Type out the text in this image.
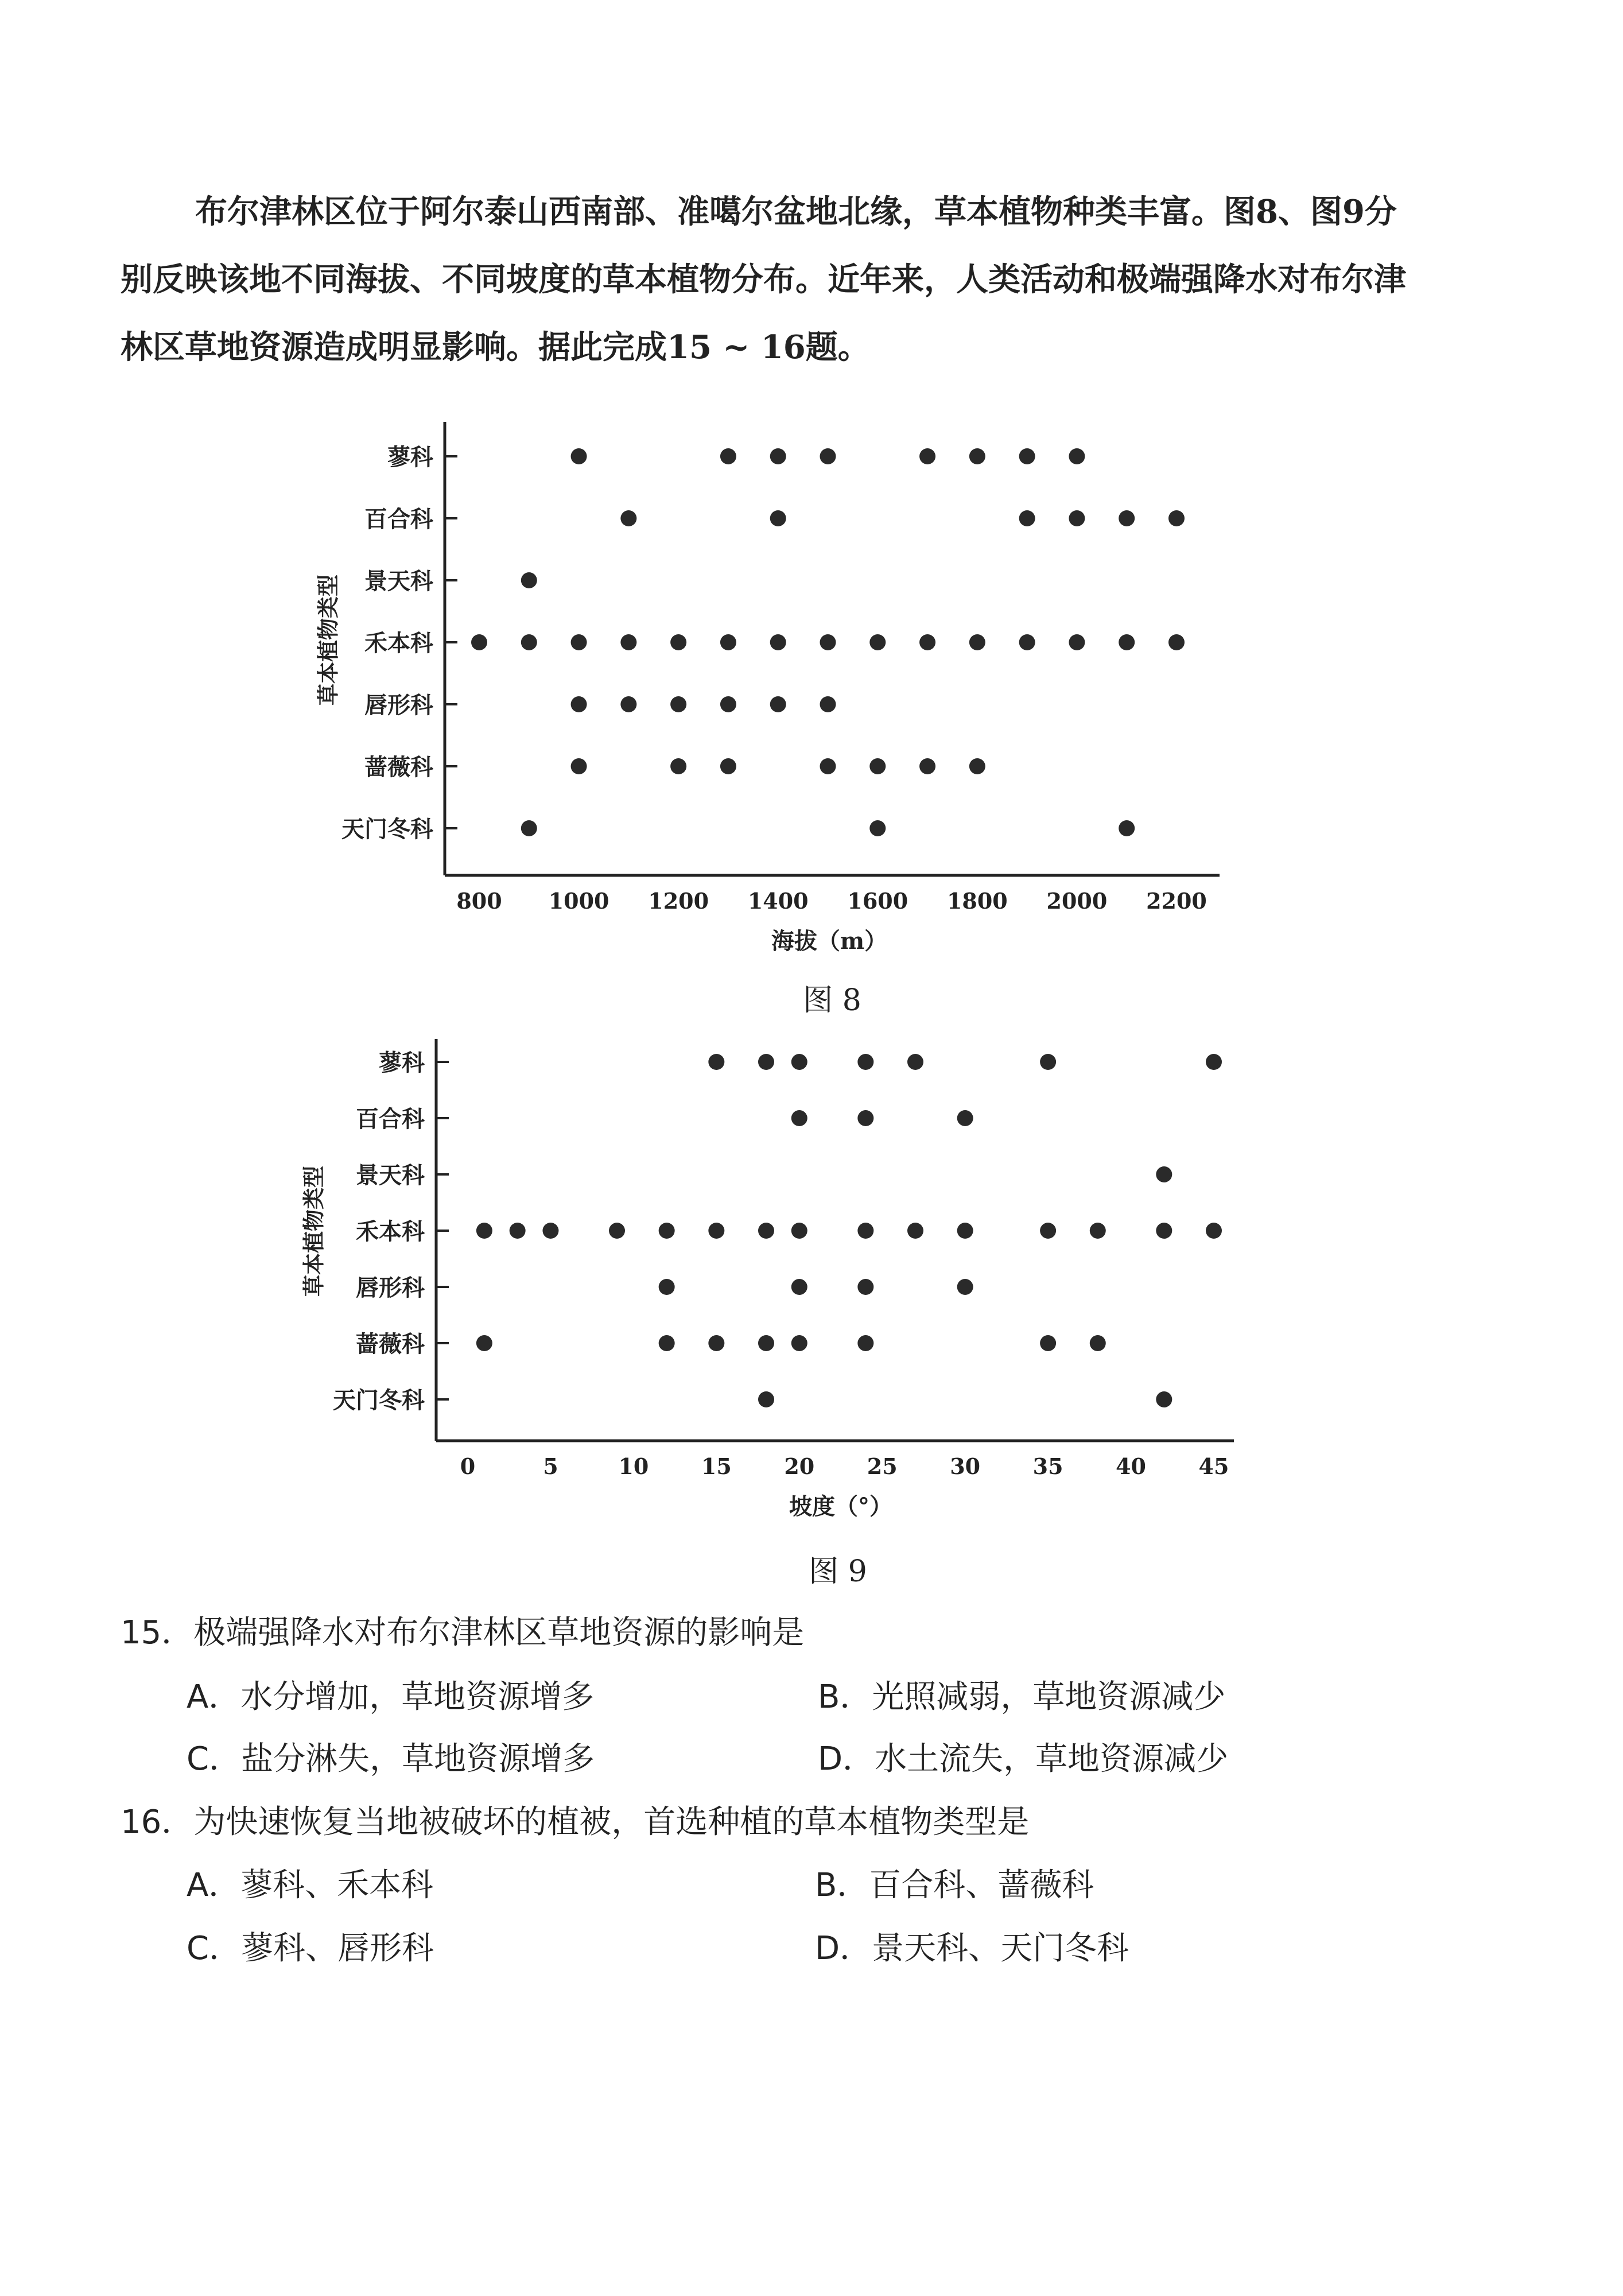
布尔津林区位于阿尔泰山西南部、准噶尔盆地北缘，草本植物种类丰富。图8、图9分

别反映该地不同海拔、不同坡度的草本植物分布。近年来，人类活动和极端强降水对布尔津

林区草地资源造成明显影响。据此完成15 ~ 16题。

蓼科
百合科
景天科
禾本科
唇形科
蔷薇科
天门冬科
800 1000 1200 1400 1600 1800 2000 2200
海拔（m）
草本植物类型
图 8
蓼科
百合科
景天科
禾本科
唇形科
蔷薇科
天门冬科
0	5	10 15 20 25 30 35 40 45
坡度（°）
草本植物类型
图 9
15．极端强降水对布尔津林区草地资源的影响是
A．水分增加，草地资源增多	B．光照减弱，草地资源减少
C．盐分淋失，草地资源增多	D．水土流失，草地资源减少
16．为快速恢复当地被破坏的植被，首选种植的草本植物类型是
A．蓼科、禾本科	B．百合科、蔷薇科
C．蓼科、唇形科	D．景天科、天门冬科
